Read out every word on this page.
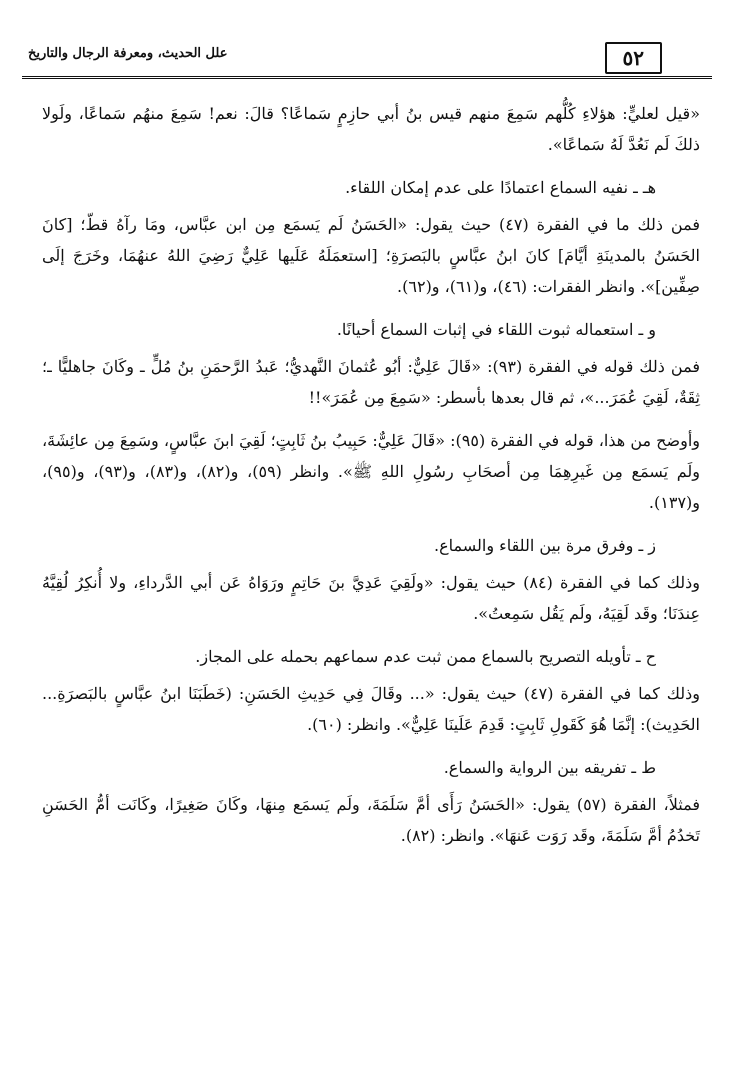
٥٢
علل الحديث، ومعرفة الرجال والتاريخ

«قيل لعليٍّ: هؤلاءِ كُلُّهم سَمِعَ منهم قيس بنُ أبي حازِمٍ سَماعًا؟ قالَ: نعم! سَمِعَ منهُم سَماعًا، ولَولا ذلكَ لَم نَعُدَّ لَهُ سَماعًا».

هـ ـ نفيه السماع اعتمادًا على عدم إمكان اللقاء.

فمن ذلك ما في الفقرة (٤٧) حيث يقول: «الحَسَنُ لَم يَسمَع مِن ابن عبَّاس، ومَا رآهُ قطّ؛ [كانَ الحَسَنُ بالمدينَةِ أيَّامَ] كانَ ابنُ عبَّاسٍ بالبَصرَةِ؛ [استعمَلَهُ عَلَيها عَلِيٌّ رَضِيَ اللهُ عنهُمَا، وخَرَجَ إلَى صِفِّين]». وانظر الفقرات: (٤٦)، و(٦١)، و(٦٢).

و ـ استعماله ثبوت اللقاء في إثبات السماع أحيانًا.

فمن ذلك قوله في الفقرة (٩٣): «قَالَ عَلِيٌّ: أبُو عُثمانَ النَّهديُّ؛ عَبدُ الرَّحمَنِ بنُ مُلٍّ ـ وكَانَ جاهليًّا ـ؛ ثِقَةٌ، لَقِيَ عُمَرَ...»، ثم قال بعدها بأسطر: «سَمِعَ مِن عُمَرَ»!!

وأوضح من هذا، قوله في الفقرة (٩٥): «قَالَ عَلِيٌّ: حَبِيبُ بنُ ثَابِتٍ؛ لَقِيَ ابنَ عبَّاسٍ، وسَمِعَ مِن عائِشَةَ، ولَم يَسمَع مِن غَيرِهِمَا مِن أصحَابِ رسُولِ اللهِ ﷺ». وانظر (٥٩)، و(٨٢)، و(٨٣)، و(٩٣)، و(٩٥)، و(١٣٧).

ز ـ وفرق مرة بين اللقاء والسماع.

وذلك كما في الفقرة (٨٤) حيث يقول: «ولَقِيَ عَدِيَّ بنَ حَاتِمٍ ورَوَاهُ عَن أبي الدَّرداءِ، ولا أُنكِرُ لُقِيَّهُ عِندَنَا؛ وقَد لَقِيَهُ، ولَم يَقُل سَمِعتُ».

ح ـ تأويله التصريح بالسماع ممن ثبت عدم سماعهم بحمله على المجاز.

وذلك كما في الفقرة (٤٧) حيث يقول: «... وقَالَ فِي حَدِيثِ الحَسَنِ: (خَطَبَنَا ابنُ عبَّاسٍ بالبَصرَةِ... الحَدِيث): إنَّمَا هُوَ كَقَولِ ثَابِتٍ: قَدِمَ عَلَينَا عَلِيٌّ». وانظر: (٦٠).

ط ـ تفريقه بين الرواية والسماع.

فمثلاً، الفقرة (٥٧) يقول: «الحَسَنُ رَأَى أمَّ سَلَمَةَ، ولَم يَسمَع مِنهَا، وكَانَ صَغِيرًا، وكَانَت أمُّ الحَسَنِ تَخدُمُ أمَّ سَلَمَةَ، وقَد رَوَت عَنهَا». وانظر: (٨٢).
